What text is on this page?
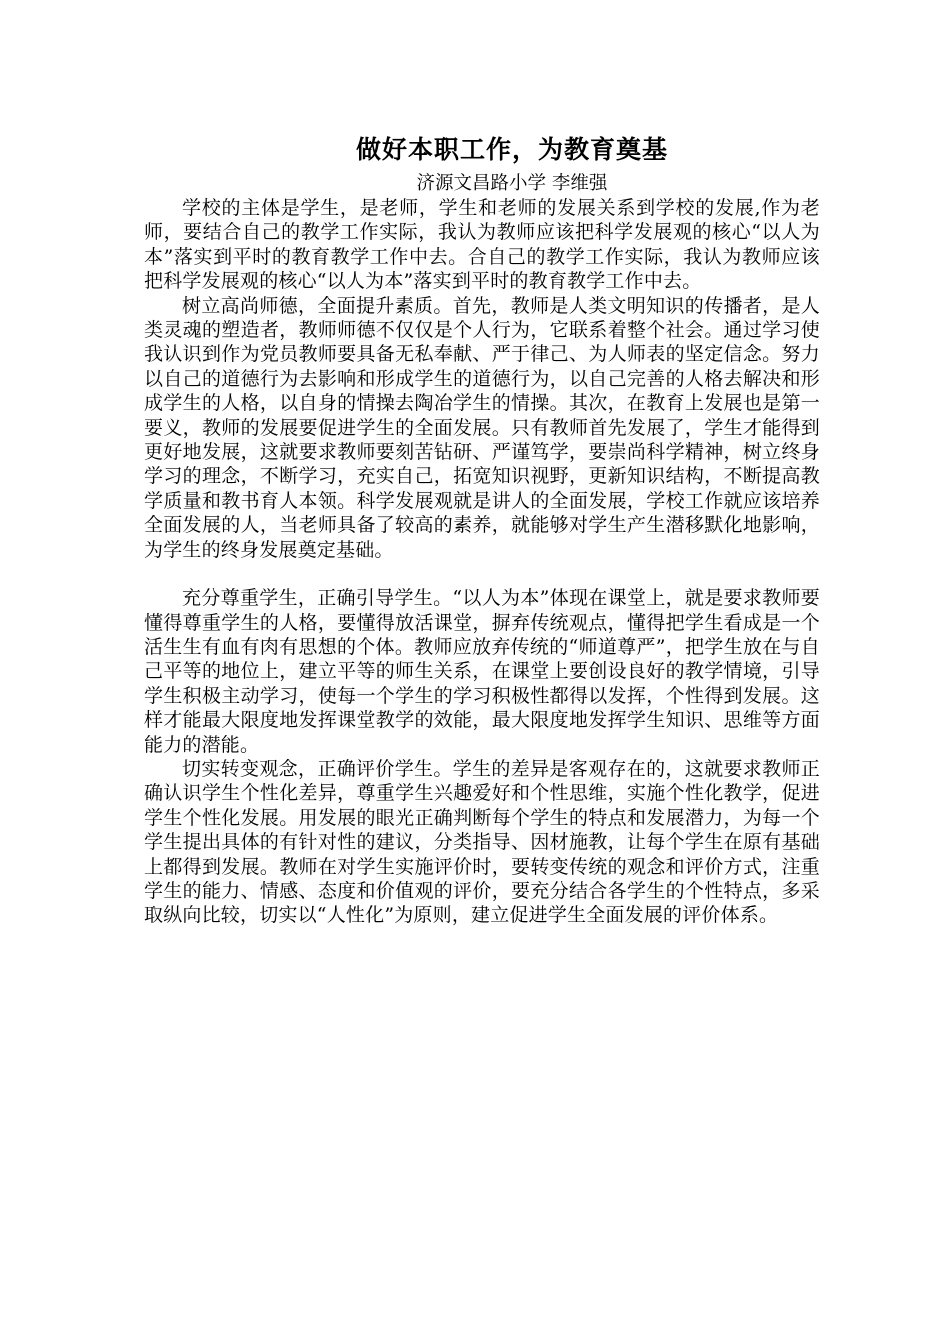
做好本职工作，为教育奠基

济源文昌路小学 李维强

学校的主体是学生，是老师，学生和老师的发展关系到学校的发展,作为老师，要结合自己的教学工作实际，我认为教师应该把科学发展观的核心“以人为本”落实到平时的教育教学工作中去。合自己的教学工作实际，我认为教师应该把科学发展观的核心“以人为本”落实到平时的教育教学工作中去。

树立高尚师德，全面提升素质。首先，教师是人类文明知识的传播者，是人类灵魂的塑造者，教师师德不仅仅是个人行为，它联系着整个社会。通过学习使我认识到作为党员教师要具备无私奉献、严于律己、为人师表的坚定信念。努力以自己的道德行为去影响和形成学生的道德行为，以自己完善的人格去解决和形成学生的人格，以自身的情操去陶冶学生的情操。其次，在教育上发展也是第一要义，教师的发展要促进学生的全面发展。只有教师首先发展了，学生才能得到更好地发展，这就要求教师要刻苦钻研、严谨笃学，要崇尚科学精神，树立终身学习的理念，不断学习，充实自己，拓宽知识视野，更新知识结构，不断提高教学质量和教书育人本领。科学发展观就是讲人的全面发展，学校工作就应该培养全面发展的人，当老师具备了较高的素养，就能够对学生产生潜移默化地影响，为学生的终身发展奠定基础。

充分尊重学生，正确引导学生。“以人为本”体现在课堂上，就是要求教师要懂得尊重学生的人格，要懂得放活课堂，摒弃传统观点，懂得把学生看成是一个活生生有血有肉有思想的个体。教师应放弃传统的“师道尊严”，把学生放在与自己平等的地位上，建立平等的师生关系，在课堂上要创设良好的教学情境，引导学生积极主动学习，使每一个学生的学习积极性都得以发挥，个性得到发展。这样才能最大限度地发挥课堂教学的效能，最大限度地发挥学生知识、思维等方面能力的潜能。

切实转变观念，正确评价学生。学生的差异是客观存在的，这就要求教师正确认识学生个性化差异，尊重学生兴趣爱好和个性思维，实施个性化教学，促进学生个性化发展。用发展的眼光正确判断每个学生的特点和发展潜力，为每一个学生提出具体的有针对性的建议，分类指导、因材施教，让每个学生在原有基础上都得到发展。教师在对学生实施评价时，要转变传统的观念和评价方式，注重学生的能力、情感、态度和价值观的评价，要充分结合各学生的个性特点，多采取纵向比较，切实以“人性化”为原则，建立促进学生全面发展的评价体系。
